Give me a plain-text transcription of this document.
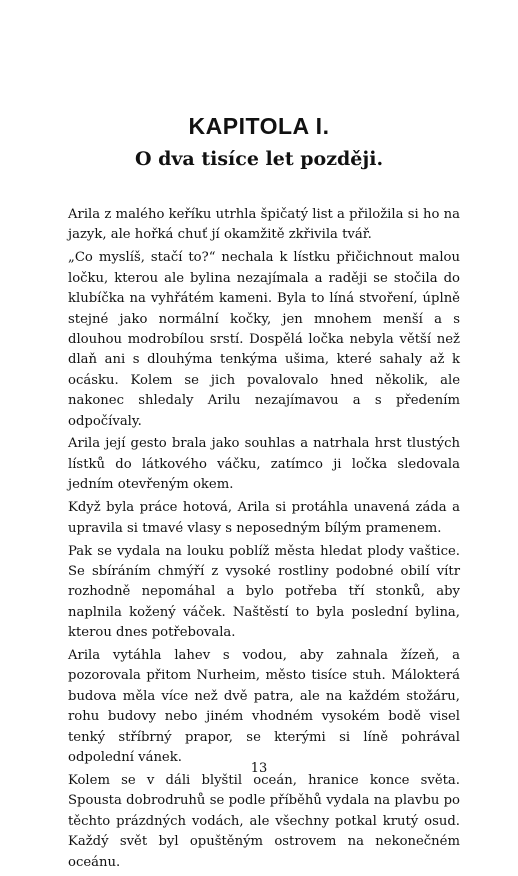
KAPITOLA I.
O dva tisíce let později.

Arila z malého keříku utrhla špičatý list a přiložila si ho na jazyk, ale hořká chuť jí okamžitě zkřivila tvář.

„Co myslíš, stačí to?“ nechala k lístku přičichnout malou ločku, kterou ale bylina nezajímala a raději se stočila do klubíčka na vyhřátém kameni. Byla to líná stvoření, úplně stejné jako normální kočky, jen mnohem menší a s dlouhou modrobílou srstí. Dospělá ločka nebyla větší než dlaň ani s dlouhýma tenkýma ušima, které sahaly až k ocásku. Kolem se jich povalovalo hned několik, ale nakonec shledaly Arilu nezajímavou a s předením odpočívaly.

Arila její gesto brala jako souhlas a natrhala hrst tlustých lístků do látkového váčku, zatímco ji ločka sledovala jedním otevřeným okem.

Když byla práce hotová, Arila si protáhla unavená záda a upravila si tmavé vlasy s neposedným bílým pramenem.

Pak se vydala na louku poblíž města hledat plody vaštice. Se sbíráním chmýří z vysoké rostliny podobné obilí vítr rozhodně nepomáhal a bylo potřeba tří stonků, aby naplnila kožený váček. Naštěstí to byla poslední bylina, kterou dnes potřebovala.

Arila vytáhla lahev s vodou, aby zahnala žízeň, a pozorovala přitom Nurheim, město tisíce stuh. Málokterá budova měla více než dvě patra, ale na každém stožáru, rohu budovy nebo jiném vhodném vysokém bodě visel tenký stříbrný prapor, se kterými si líně pohrával odpolední vánek.

Kolem se v dáli blyštil oceán, hranice konce světa. Spousta dobrodruhů se podle příběhů vydala na plavbu po těchto prázdných vodách, ale všechny potkal krutý osud. Každý svět byl opuštěným ostrovem na nekonečném oceánu.

13
